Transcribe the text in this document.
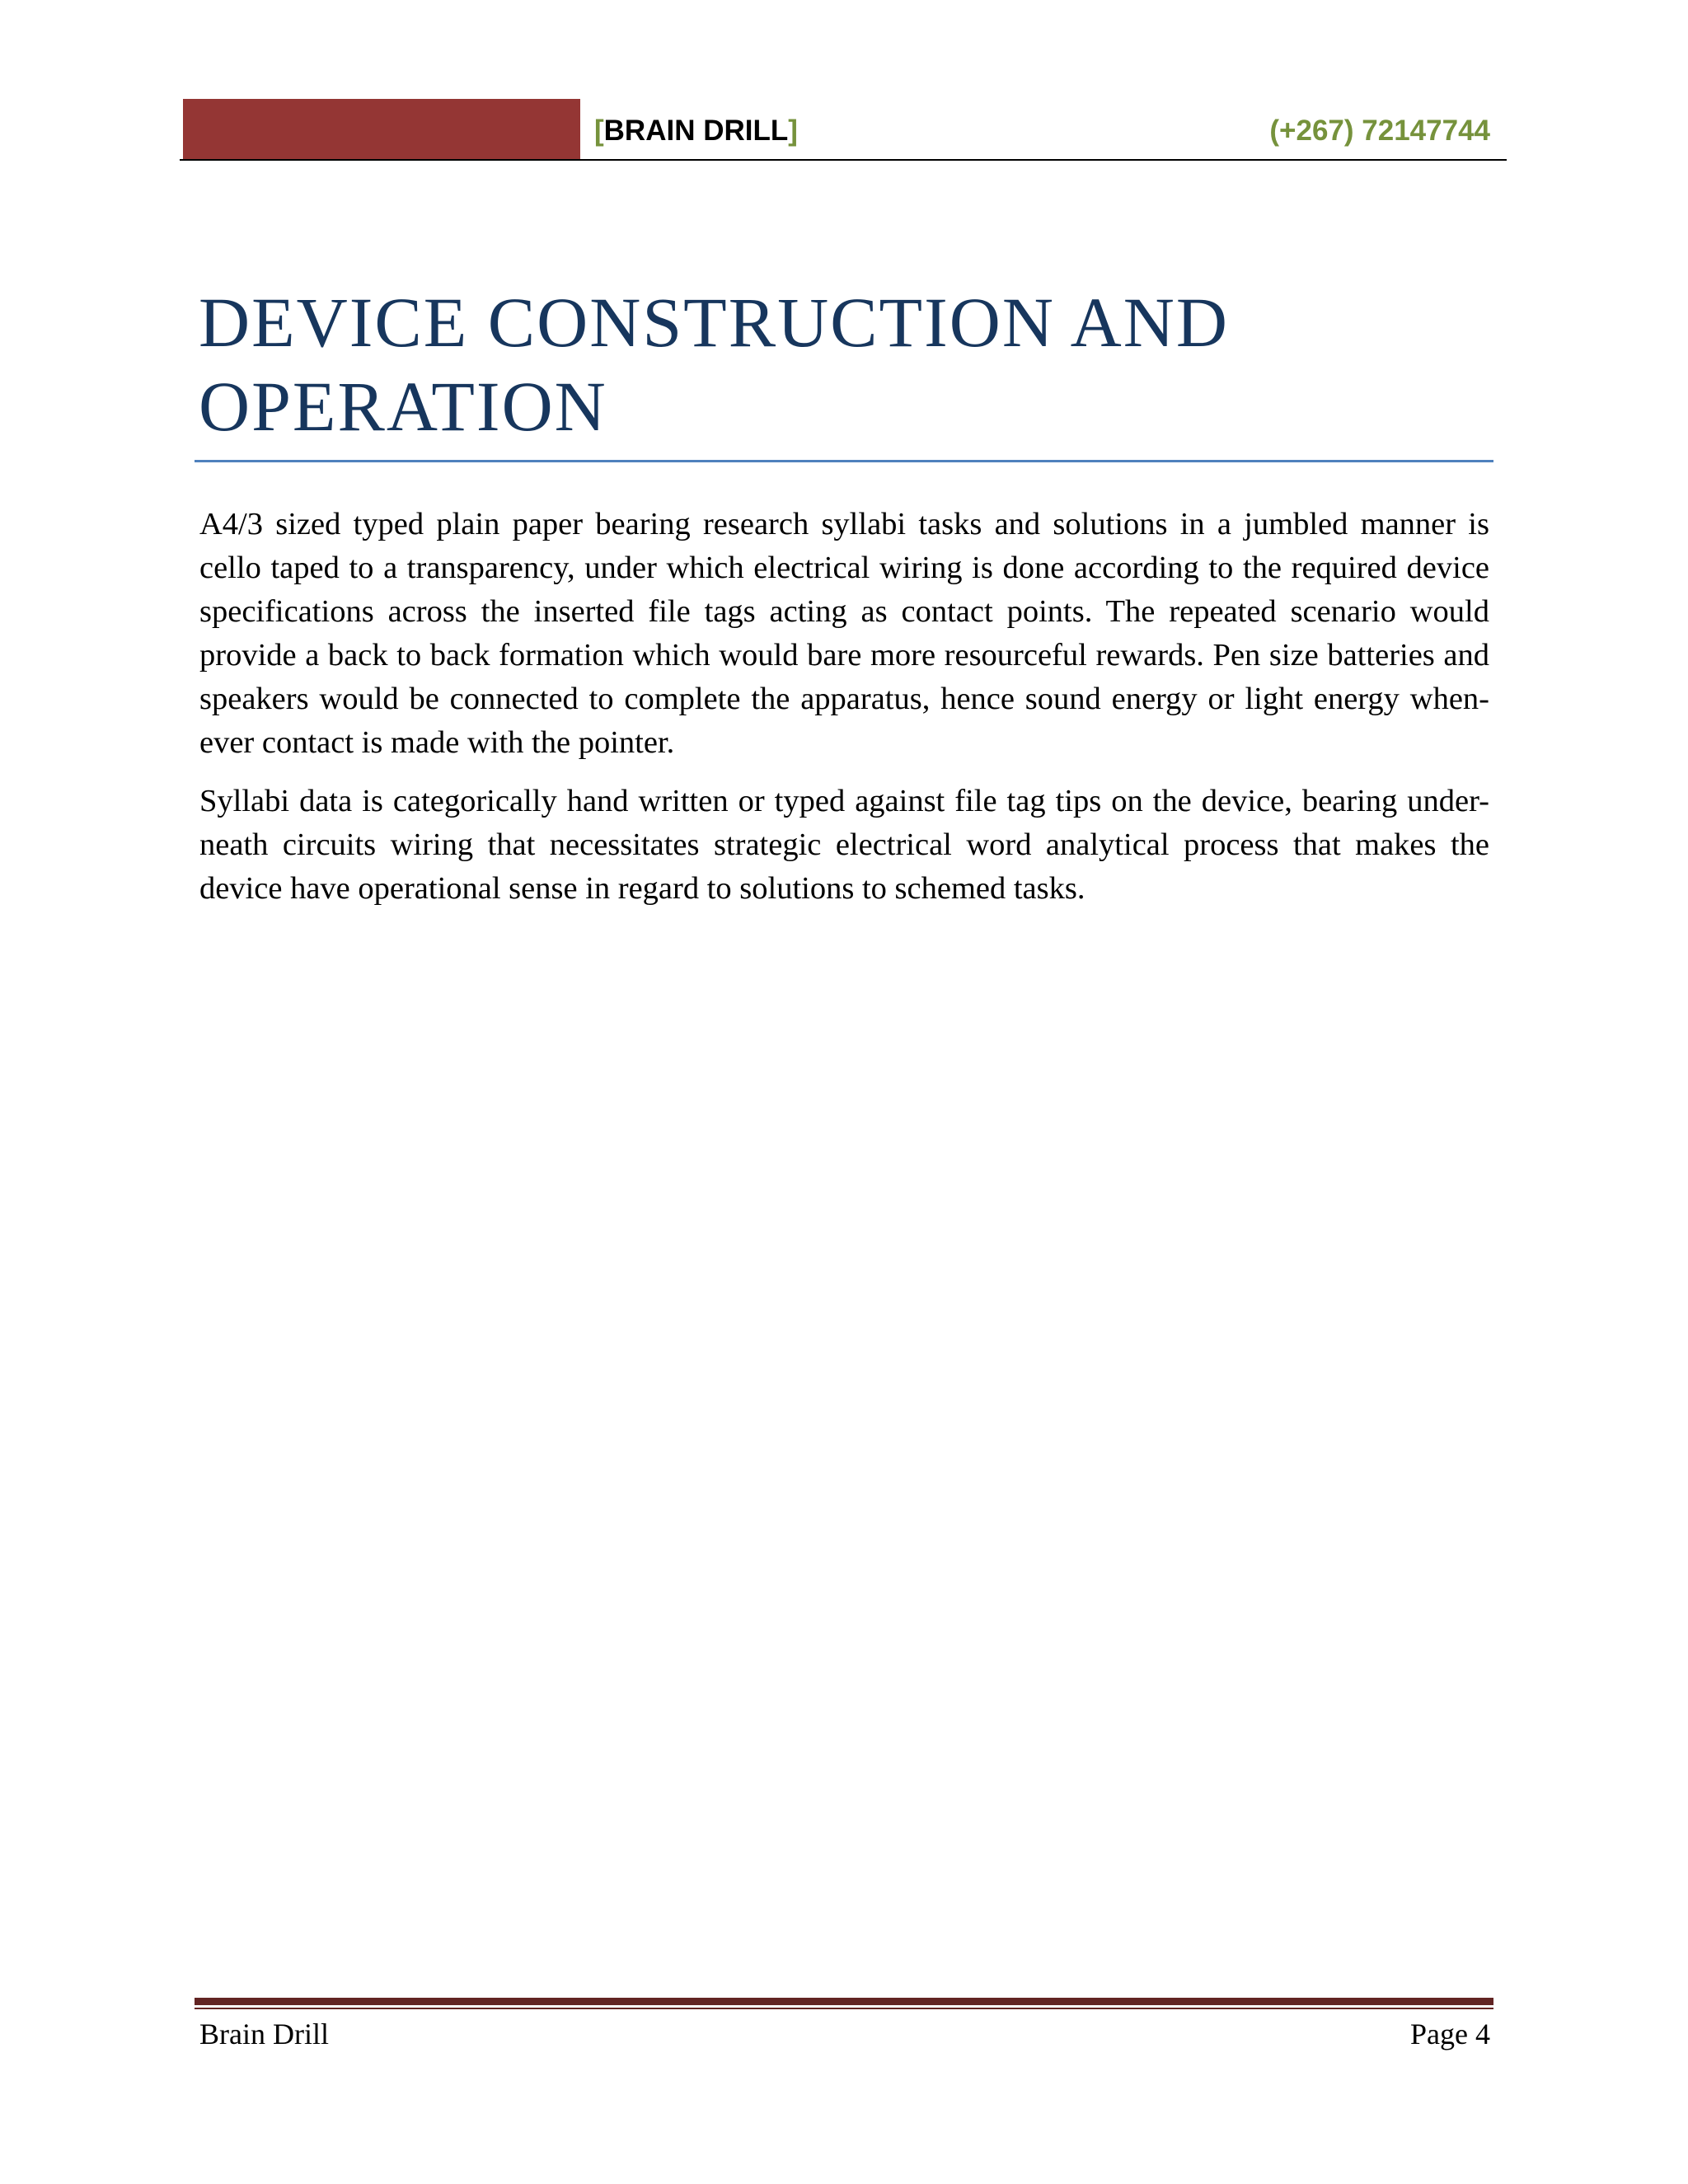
[BRAIN DRILL]	(+267) 72147744
DEVICE CONSTRUCTION AND OPERATION

A4/3 sized typed plain paper bearing research syllabi tasks and solutions in a jumbled manner is cello taped to a transparency, under which electrical wiring is done according to the required device specifications across the inserted file tags acting as contact points. The repeated scenario would provide a back to back formation which would bare more resourceful rewards. Pen size batteries and speakers would be connected to complete the apparatus, hence sound energy or light energy when- ever contact is made with the pointer.

Syllabi data is categorically hand written or typed against file tag tips on the device, bearing under-neath circuits wiring that necessitates strategic electrical word analytical process that makes the device have operational sense in regard to solutions to schemed tasks.

Brain Drill	Page 4
